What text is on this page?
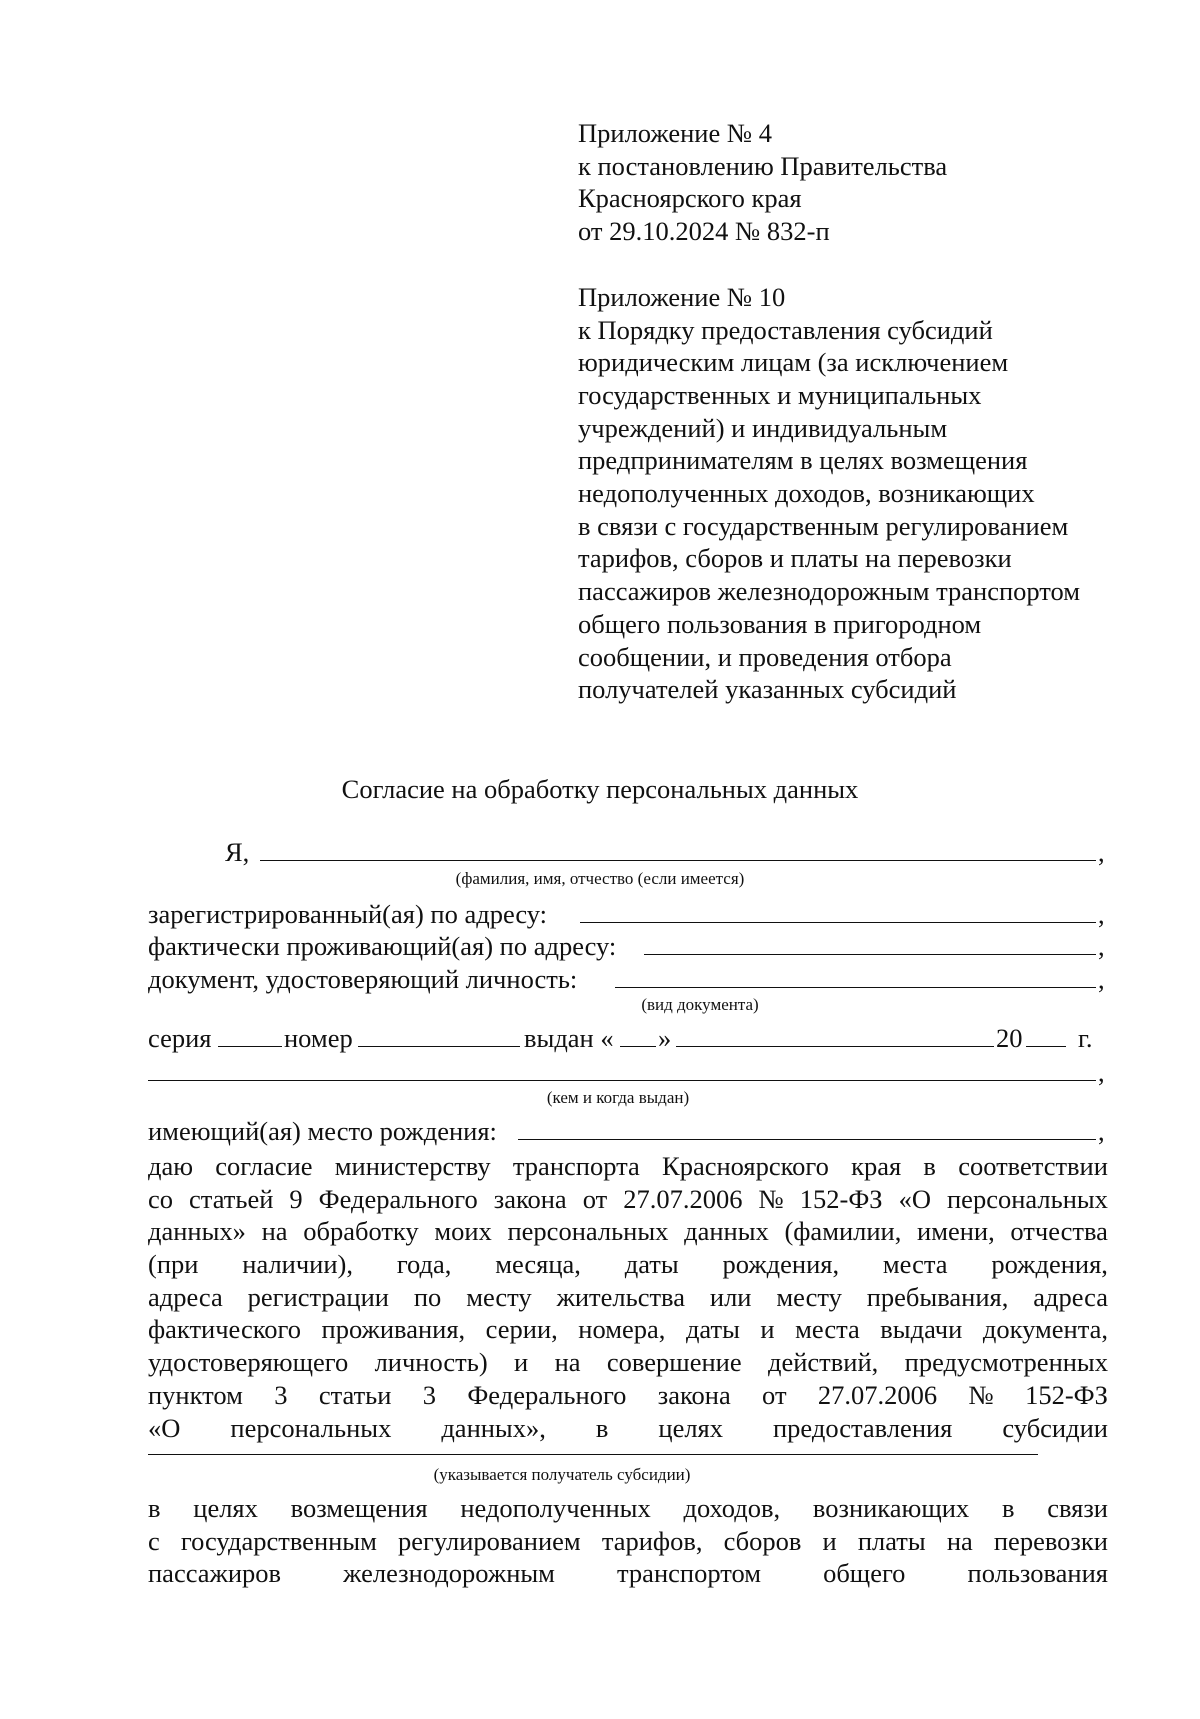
Приложение № 4
к постановлению Правительства
Красноярского края
от 29.10.2024 № 832-п
Приложение № 10
к Порядку предоставления субсидий
юридическим лицам (за исключением
государственных и муниципальных
учреждений) и индивидуальным
предпринимателям в целях возмещения
недополученных доходов, возникающих
в связи с государственным регулированием
тарифов, сборов и платы на перевозки
пассажиров железнодорожным транспортом
общего пользования в пригородном
сообщении, и проведения отбора
получателей указанных субсидий
Согласие на обработку персональных данных
Я,	,
(фамилия, имя, отчество (если имеется)
зарегистрированный(ая) по адресу:	,
фактически проживающий(ая) по адресу:	,
документ, удостоверяющий личность:	,
(вид документа)
серия	номер	выдан « »	20 г.
,
(кем и когда выдан)
имеющий(ая) место рождения:	,
даю согласие министерству транспорта Красноярского края в соответствии
со статьей 9 Федерального закона от 27.07.2006 № 152-ФЗ «О персональных
данных» на обработку моих персональных данных (фамилии, имени, отчества
(при наличии), года, месяца, даты рождения, места рождения,
адреса регистрации по месту жительства или месту пребывания, адреса
фактического проживания, серии, номера, даты и места выдачи документа,
удостоверяющего личность) и на совершение действий, предусмотренных
пунктом 3 статьи 3 Федерального закона от 27.07.2006 № 152-ФЗ
«О персональных данных», в целях предоставления субсидии
(указывается получатель субсидии)
в целях возмещения недополученных доходов, возникающих в связи
с государственным регулированием тарифов, сборов и платы на перевозки
пассажиров железнодорожным транспортом общего пользования
